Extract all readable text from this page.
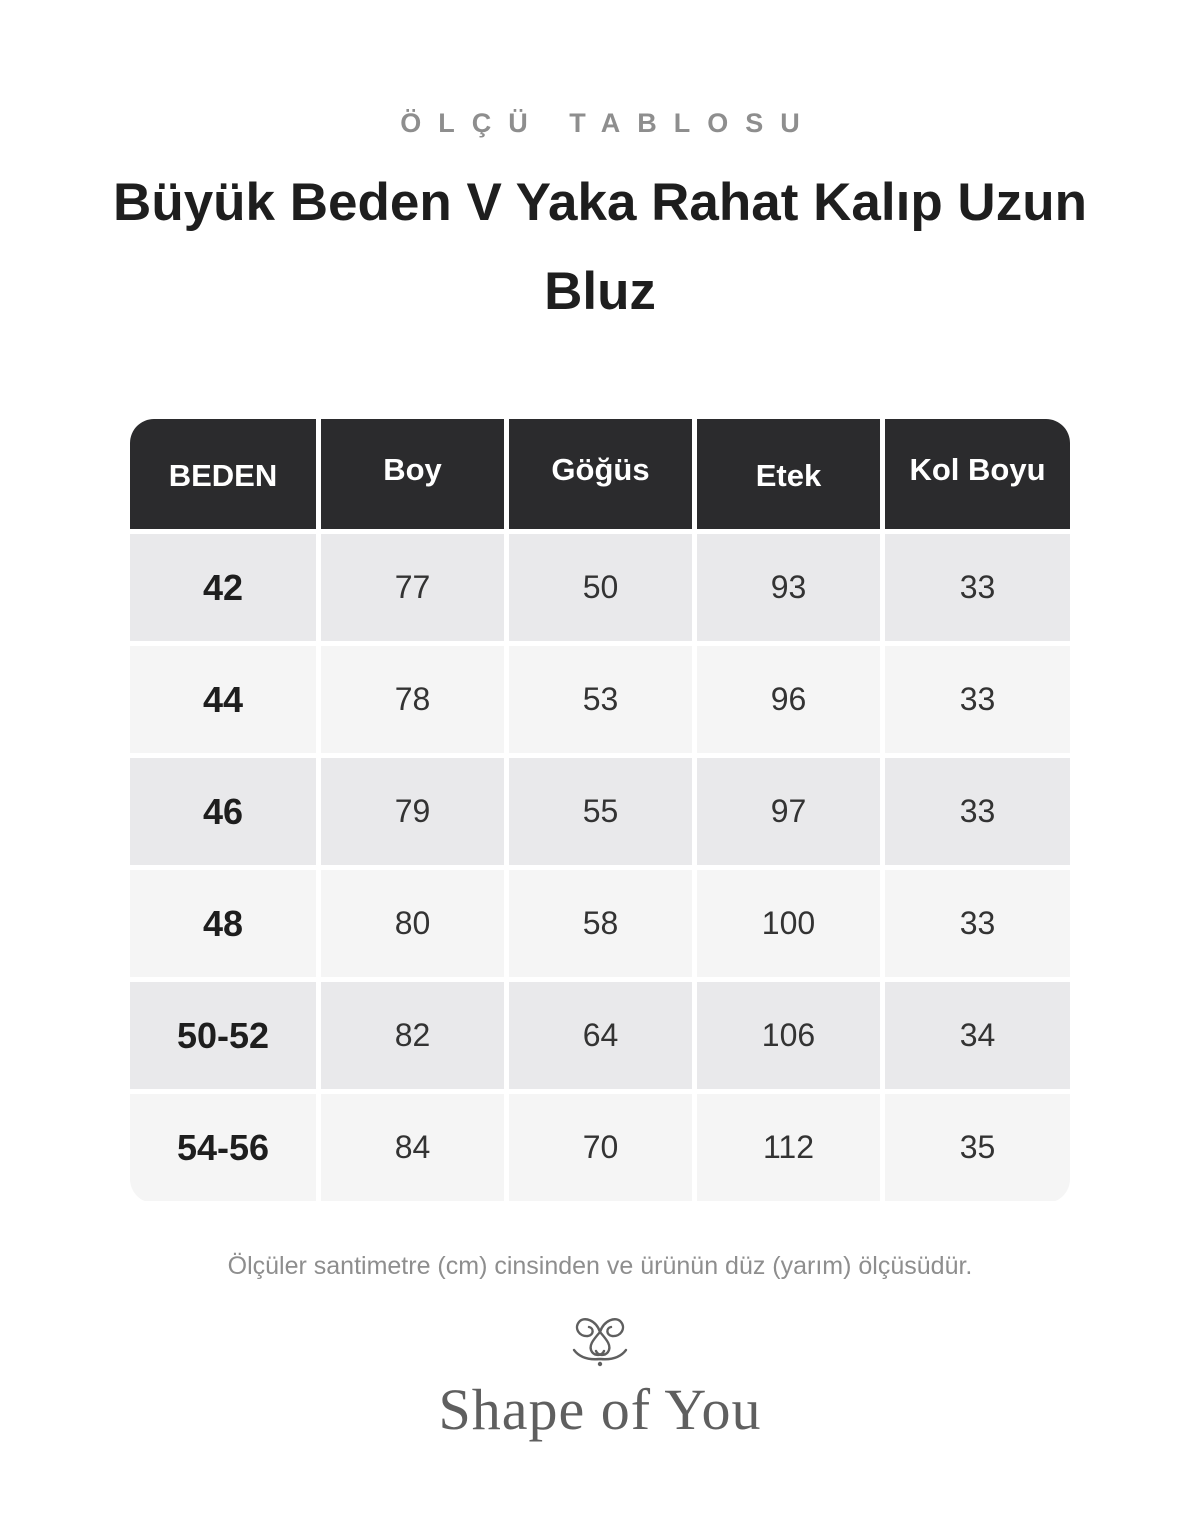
ÖLÇÜ TABLOSU
Büyük Beden V Yaka Rahat Kalıp Uzun Bluz
BEDEN	Boy	Göğüs	Etek	Kol Boyu
42	77	50	93	33
44	78	53	96	33
46	79	55	97	33
48	80	58	100	33
50-52	82	64	106	34
54-56	84	70	112	35

Ölçüler santimetre (cm) cinsinden ve ürünün düz (yarım) ölçüsüdür.

Shape of You
